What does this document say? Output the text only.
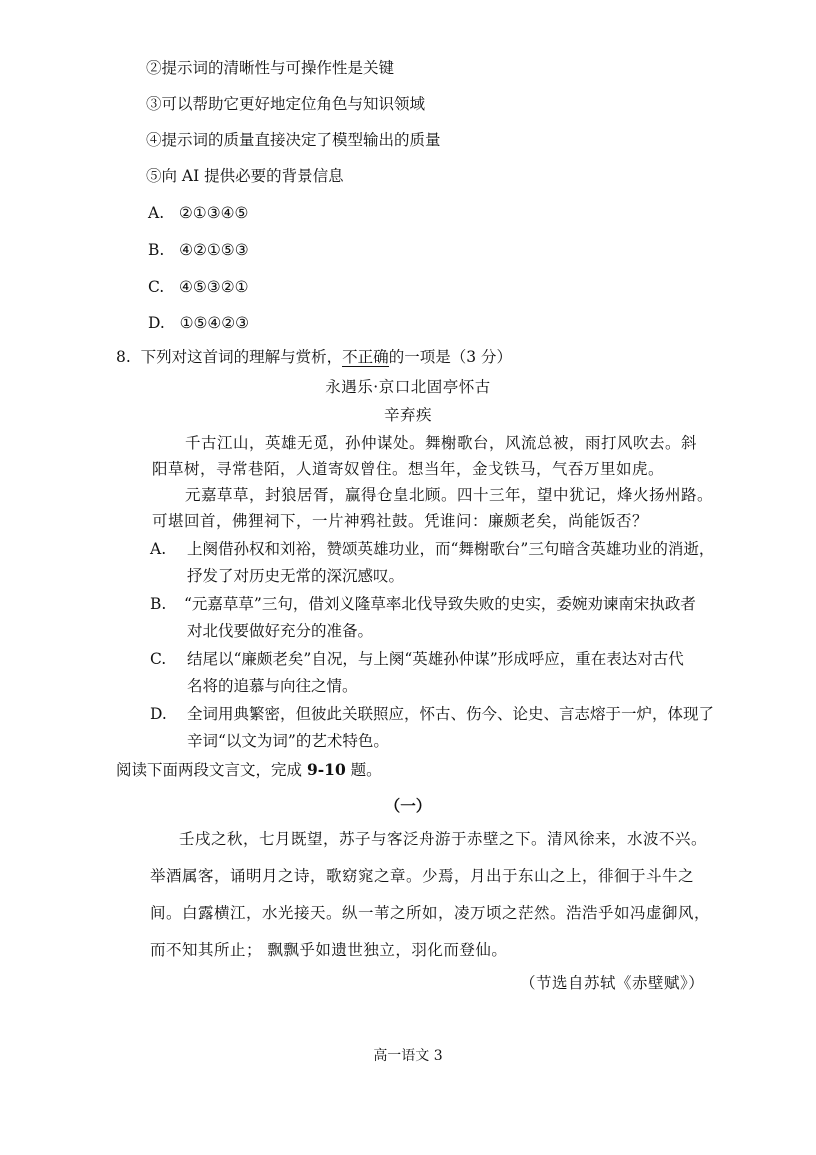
②提示词的清晰性与可操作性是关键
③可以帮助它更好地定位角色与知识领域
④提示词的质量直接决定了模型输出的质量
⑤向 AI 提供必要的背景信息
A. ②①③④⑤
B. ④②①⑤③
C. ④⑤③②①
D. ①⑤④②③
8. 下列对这首词的理解与赏析，不正确的一项是（3 分）
永遇乐·京口北固亭怀古
辛弃疾
千古江山，英雄无觅，孙仲谋处。舞榭歌台，风流总被，雨打风吹去。斜
阳草树，寻常巷陌，人道寄奴曾住。想当年，金戈铁马，气吞万里如虎。
元嘉草草，封狼居胥，赢得仓皇北顾。四十三年，望中犹记，烽火扬州路。
可堪回首，佛狸祠下，一片神鸦社鼓。凭谁问：廉颇老矣，尚能饭否？
A. 上阕借孙权和刘裕，赞颂英雄功业，而“舞榭歌台”三句暗含英雄功业的消逝，
抒发了对历史无常的深沉感叹。
B. “元嘉草草”三句，借刘义隆草率北伐导致失败的史实，委婉劝谏南宋执政者
对北伐要做好充分的准备。
C. 结尾以“廉颇老矣”自况，与上阕“英雄孙仲谋”形成呼应，重在表达对古代
名将的追慕与向往之情。
D. 全词用典繁密，但彼此关联照应，怀古、伤今、论史、言志熔于一炉，体现了
辛词“以文为词”的艺术特色。
阅读下面两段文言文，完成 9-10 题。
（一）
壬戌之秋，七月既望，苏子与客泛舟游于赤壁之下。清风徐来，水波不兴。
举酒属客，诵明月之诗，歌窈窕之章。少焉，月出于东山之上，徘徊于斗牛之
间。白露横江，水光接天。纵一苇之所如，凌万顷之茫然。浩浩乎如冯虚御风，
而不知其所止； 飘飘乎如遗世独立，羽化而登仙。
（节选自苏轼《赤壁赋》）
高一语文 3
